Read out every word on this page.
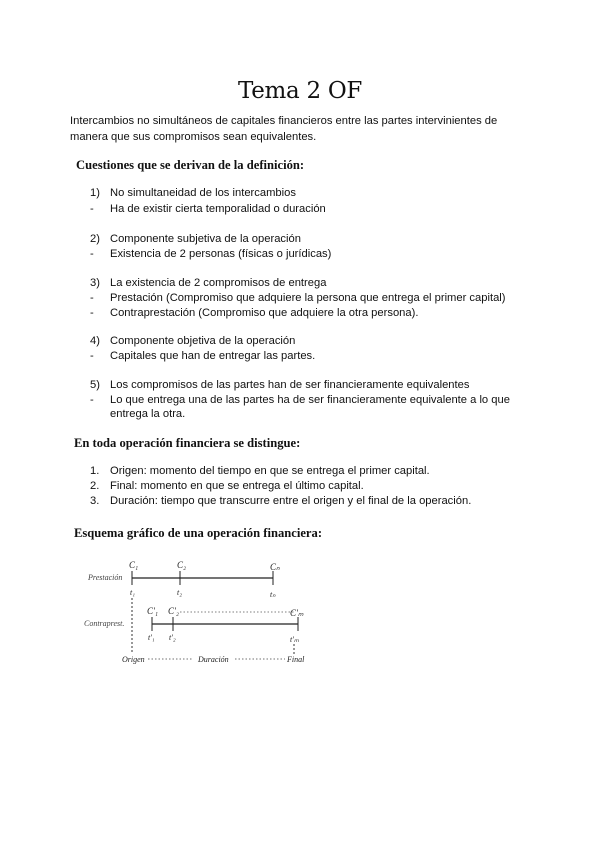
Tema 2 OF
Intercambios no simultáneos de capitales financieros entre las partes intervinientes de manera que sus compromisos sean equivalentes.
Cuestiones que se derivan de la definición:
1) No simultaneidad de los intercambios
- Ha de existir cierta temporalidad o duración
2) Componente subjetiva de la operación
- Existencia de 2 personas (físicas o jurídicas)
3) La existencia de 2 compromisos de entrega
- Prestación (Compromiso que adquiere la persona que entrega el primer capital)
- Contraprestación (Compromiso que adquiere la otra persona).
4) Componente objetiva de la operación
- Capitales que han de entregar las partes.
5) Los compromisos de las partes han de ser financieramente equivalentes
- Lo que entrega una de las partes ha de ser financieramente equivalente a lo que
entrega la otra.
En toda operación financiera se distingue:
1. Origen: momento del tiempo en que se entrega el primer capital.
2. Final: momento en que se entrega el último capital.
3. Duración: tiempo que transcurre entre el origen y el final de la operación.
Esquema gráfico de una operación financiera:
Prestación
C₁	C₂	Cₙ
t₁	t₂	tₙ
Contraprest.
C'₁ C'₂	C'ₘ
t'₁ t'₂	t'ₘ
Origen	Duración	Final
